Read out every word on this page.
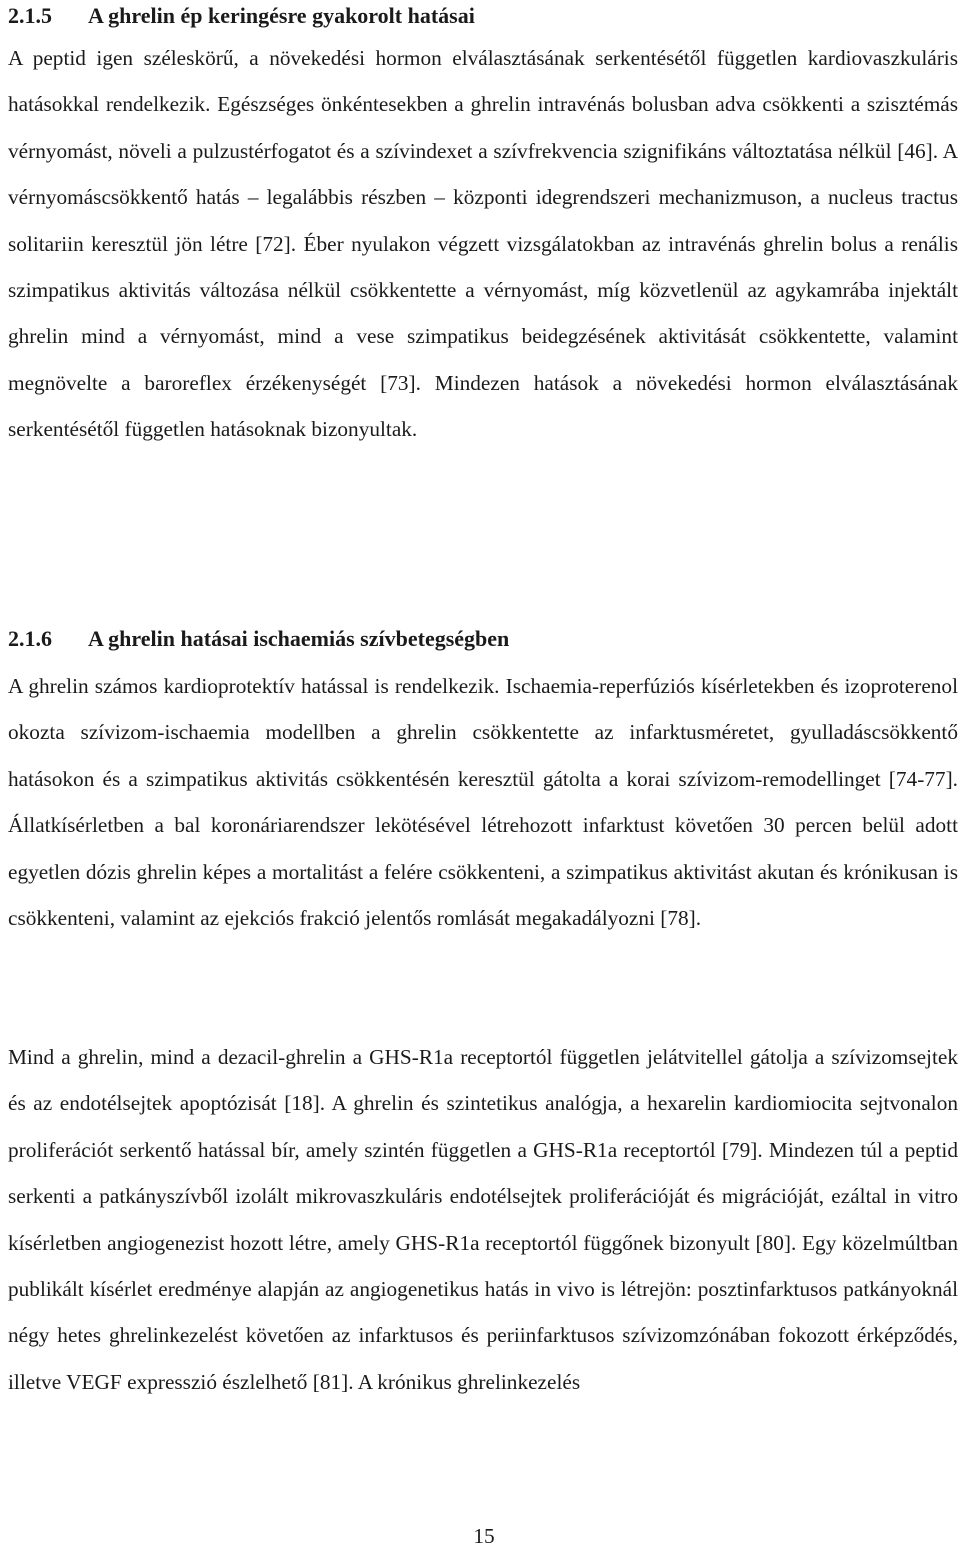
2.1.5 A ghrelin ép keringésre gyakorolt hatásai

A peptid igen széleskörű, a növekedési hormon elválasztásának serkentésétől független kardiovaszkuláris hatásokkal rendelkezik. Egészséges önkéntesekben a ghrelin intravénás bolusban adva csökkenti a szisztémás vérnyomást, növeli a pulzustérfogatot és a szívindexet a szívfrekvencia szignifikáns változtatása nélkül [46]. A vérnyomáscsökkentő hatás ‒ legalábbis részben ‒ központi idegrendszeri mechanizmuson, a nucleus tractus solitariin keresztül jön létre [72]. Éber nyulakon végzett vizsgálatokban az intravénás ghrelin bolus a renális szimpatikus aktivitás változása nélkül csökkentette a vérnyomást, míg közvetlenül az agykamrába injektált ghrelin mind a vérnyomást, mind a vese szimpatikus beidegzésének aktivitását csökkentette, valamint megnövelte a baroreflex érzékenységét [73]. Mindezen hatások a növekedési hormon elválasztásának serkentésétől független hatásoknak bizonyultak.

2.1.6 A ghrelin hatásai ischaemiás szívbetegségben

A ghrelin számos kardioprotektív hatással is rendelkezik. Ischaemia-reperfúziós kísérletekben és izoproterenol okozta szívizom-ischaemia modellben a ghrelin csökkentette az infarktusméretet, gyulladáscsökkentő hatásokon és a szimpatikus aktivitás csökkentésén keresztül gátolta a korai szívizom-remodellinget [74-77]. Állatkísérletben a bal koronáriarendszer lekötésével létrehozott infarktust követően 30 percen belül adott egyetlen dózis ghrelin képes a mortalitást a felére csökkenteni, a szimpatikus aktivitást akutan és krónikusan is csökkenteni, valamint az ejekciós frakció jelentős romlását megakadályozni [78].

Mind a ghrelin, mind a dezacil-ghrelin a GHS-R1a receptortól független jelátvitellel gátolja a szívizomsejtek és az endotélsejtek apoptózisát [18]. A ghrelin és szintetikus analógja, a hexarelin kardiomiocita sejtvonalon proliferációt serkentő hatással bír, amely szintén független a GHS-R1a receptortól [79]. Mindezen túl a peptid serkenti a patkányszívből izolált mikrovaszkuláris endotélsejtek proliferációját és migrációját, ezáltal in vitro kísérletben angiogenezist hozott létre, amely GHS-R1a receptortól függőnek bizonyult [80]. Egy közelmúltban publikált kísérlet eredménye alapján az angiogenetikus hatás in vivo is létrejön: posztinfarktusos patkányoknál négy hetes ghrelinkezelést követően az infarktusos és periinfarktusos szívizomzónában fokozott érképződés, illetve VEGF expresszió észlelhető [81]. A krónikus ghrelinkezelés

15
